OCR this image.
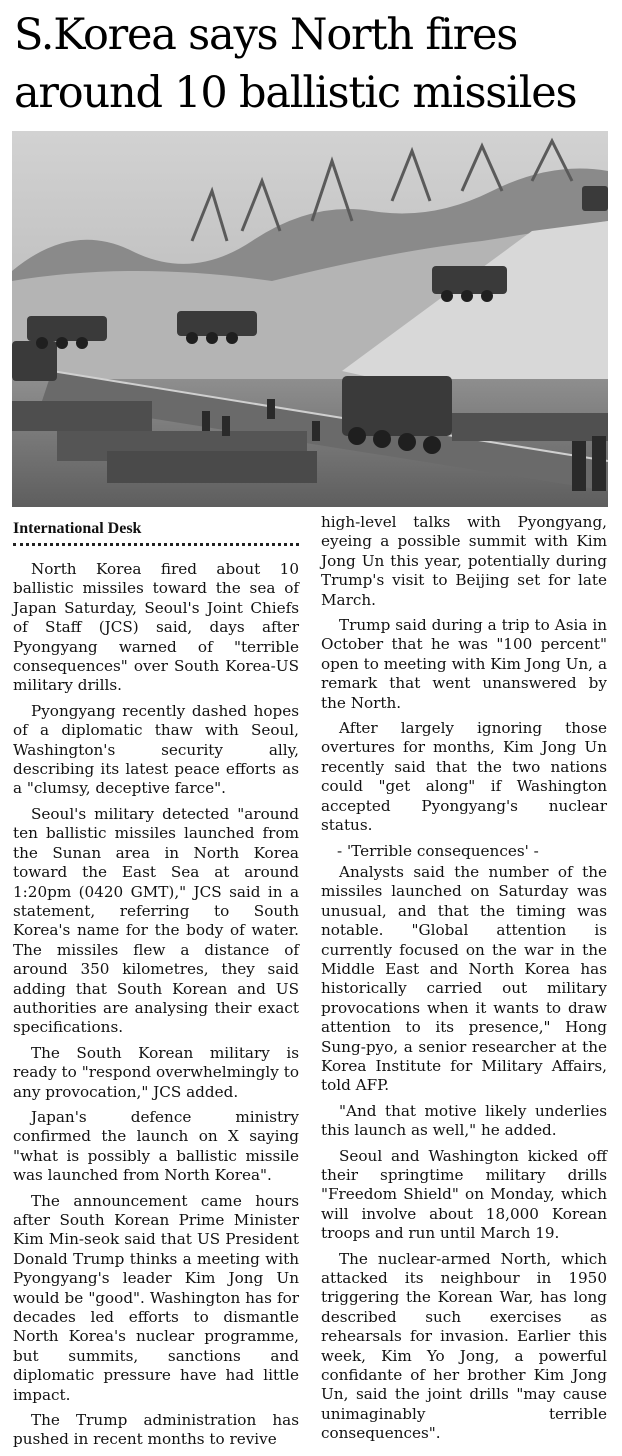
S.Korea says North fires around 10 ballistic missiles
International Desk

North Korea fired about 10 ballistic missiles toward the sea of Japan Saturday, Seoul's Joint Chiefs of Staff (JCS) said, days after Pyongyang warned of "terrible consequences" over South Korea-US military drills.

Pyongyang recently dashed hopes of a diplomatic thaw with Seoul, Washington's security ally, describing its latest peace efforts as a "clumsy, deceptive farce".

Seoul's military detected "around ten ballistic missiles launched from the Sunan area in North Korea toward the East Sea at around 1:20pm (0420 GMT)," JCS said in a statement, referring to South Korea's name for the body of water. The missiles flew a distance of around 350 kilometres, they said adding that South Korean and US authorities are analysing their exact specifications.

The South Korean military is ready to "respond overwhelmingly to any provocation," JCS added.

Japan's defence ministry confirmed the launch on X saying "what is possibly a ballistic missile was launched from North Korea".

The announcement came hours after South Korean Prime Minister Kim Min-seok said that US President Donald Trump thinks a meeting with Pyongyang's leader Kim Jong Un would be "good". Washington has for decades led efforts to dismantle North Korea's nuclear programme, but summits, sanctions and diplomatic pressure have had little impact.

The Trump administration has pushed in recent months to revive

high-level talks with Pyongyang, eyeing a possible summit with Kim Jong Un this year, potentially during Trump's visit to Beijing set for late March.

Trump said during a trip to Asia in October that he was "100 percent" open to meeting with Kim Jong Un, a remark that went unanswered by the North.

After largely ignoring those overtures for months, Kim Jong Un recently said that the two nations could "get along" if Washington accepted Pyongyang's nuclear status.

- 'Terrible consequences' -

Analysts said the number of the missiles launched on Saturday was unusual, and that the timing was notable. "Global attention is currently focused on the war in the Middle East and North Korea has historically carried out military provocations when it wants to draw attention to its presence," Hong Sung-pyo, a senior researcher at the Korea Institute for Military Affairs, told AFP.

"And that motive likely underlies this launch as well," he added.

Seoul and Washington kicked off their springtime military drills "Freedom Shield" on Monday, which will involve about 18,000 Korean troops and run until March 19.

The nuclear-armed North, which attacked its neighbour in 1950 triggering the Korean War, has long described such exercises as rehearsals for invasion. Earlier this week, Kim Yo Jong, a powerful confidante of her brother Kim Jong Un, said the joint drills "may cause unimaginably terrible consequences".
